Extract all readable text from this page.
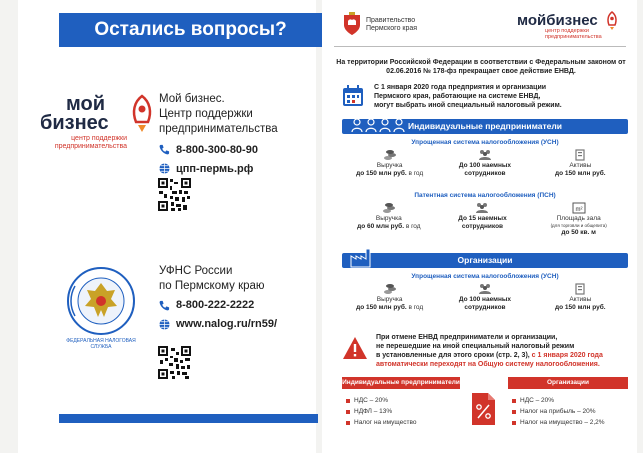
Остались вопросы?
мой
бизнес
центр поддержки
предпринимательства
Мой бизнес.
Центр поддержки
предпринимательства
8-800-300-80-90
цпп-пермь.рф
ФЕДЕРАЛЬНАЯ НАЛОГОВАЯ СЛУЖБА
УФНС России
по Пермскому краю
8-800-222-2222
www.nalog.ru/rn59/
Правительство
Пермского края	мойбизнес
центр поддержки
предпринимательства
На территории Российской Федерации в соответствии с Федеральным законом от 02.06.2016 № 178-фз прекращает свое действие ЕНВД.
С 1 января 2020 года предприятия и организации
Пермского края, работающие на системе ЕНВД,
могут выбрать иной специальный налоговый режим.
Индивидуальные предприниматели
Упрощенная система налогообложения (УСН)
Выручка
до 150 млн руб. в год
До 100 наемных
сотрудников
Активы
до 150 млн руб.
Патентная система налогообложения (ПСН)
Выручка
до 60 млн руб. в год
До 15 наемных
сотрудников
m²
Площадь зала
(для торговли и общепита)
до 50 кв. м
Организации
Упрощенная система налогообложения (УСН)
Выручка
до 150 млн руб. в год
До 100 наемных
сотрудников
Активы
до 150 млн руб.
При отмене ЕНВД предприниматели и организации,
не перешедшие на иной специальный налоговый режим
в установленные для этого сроки (стр. 2, 3), с 1 января 2020 года
автоматически переходят на Общую систему налогообложения.
Индивидуальные предприниматели	Организации
НДС – 20%
НДФЛ – 13%
Налог на имущество
НДС – 20%
Налог на прибыль – 20%
Налог на имущество – 2,2%
